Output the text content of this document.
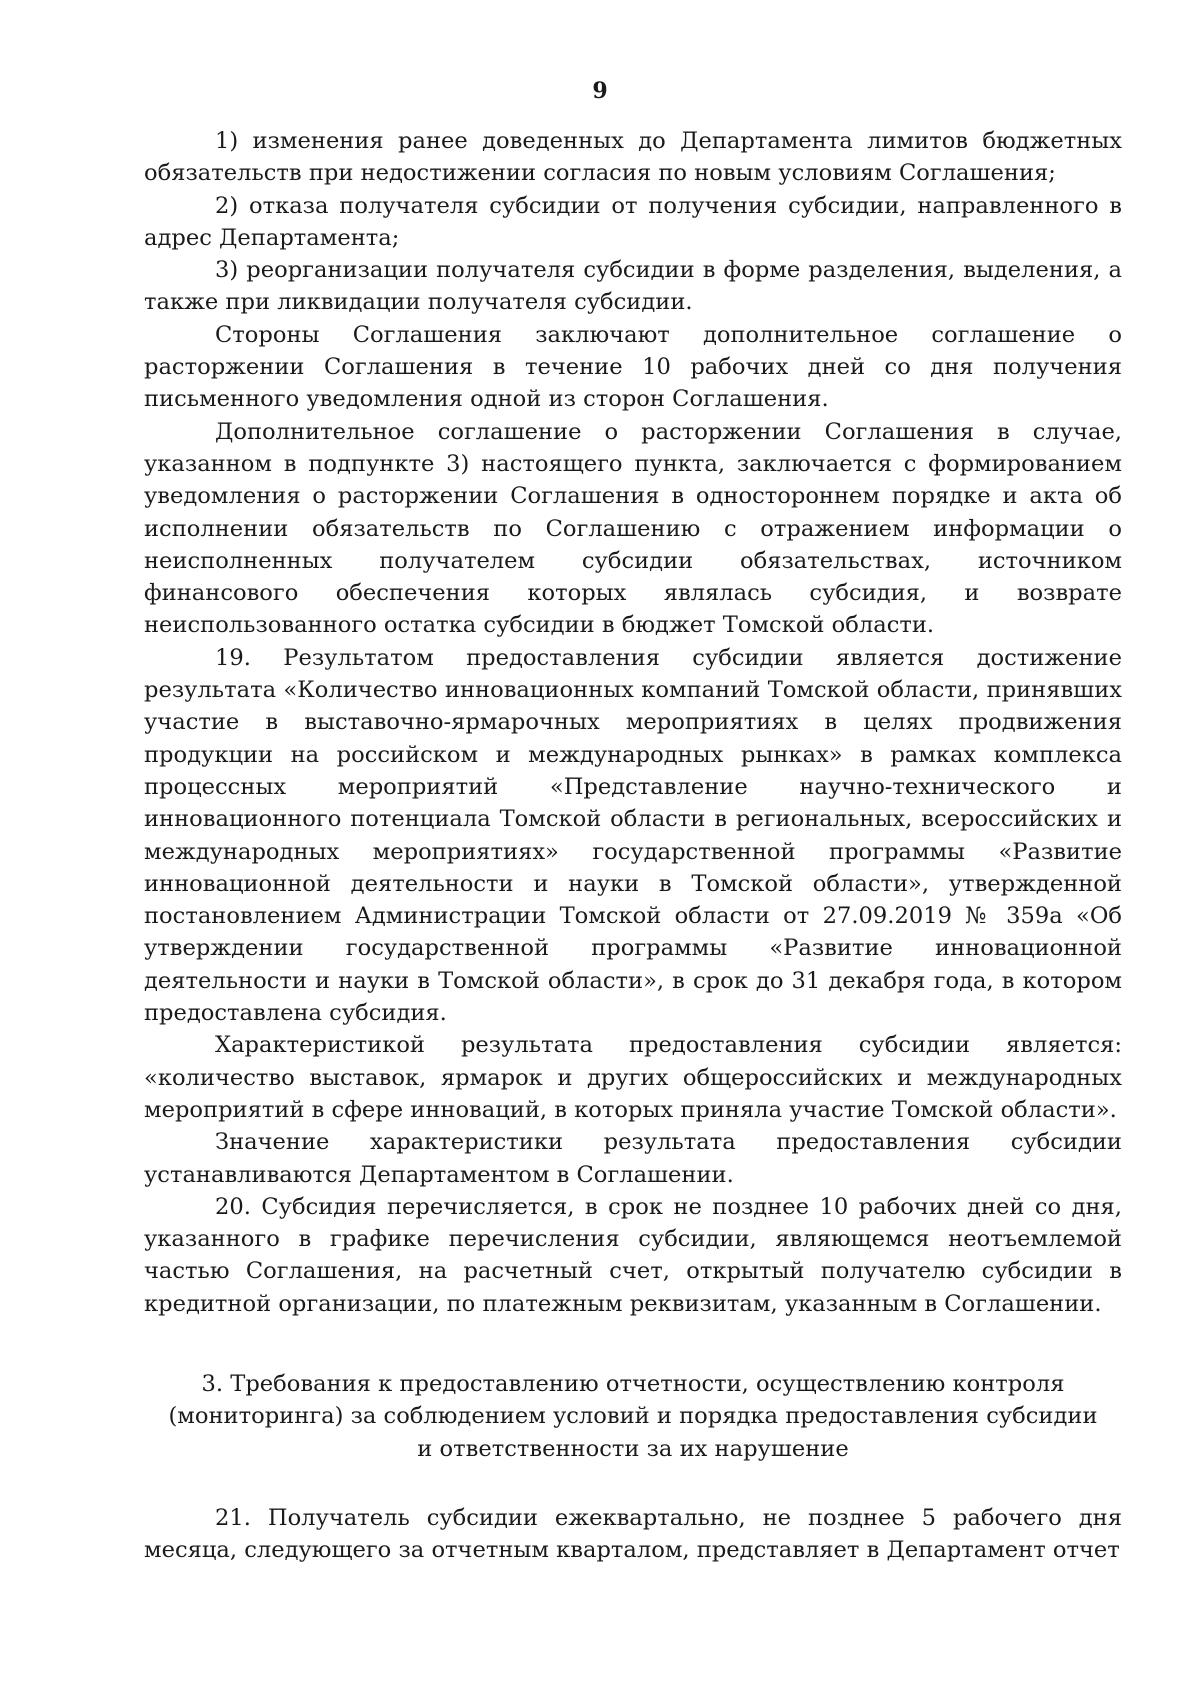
9

1) изменения ранее доведенных до Департамента лимитов бюджетных обязательств при недостижении согласия по новым условиям Соглашения;

2) отказа получателя субсидии от получения субсидии, направленного в адрес Департамента;

3) реорганизации получателя субсидии в форме разделения, выделения, а также при ликвидации получателя субсидии.

Стороны Соглашения заключают дополнительное соглашение о расторжении Соглашения в течение 10 рабочих дней со дня получения письменного уведомления одной из сторон Соглашения.

Дополнительное соглашение о расторжении Соглашения в случае, указанном в подпункте 3) настоящего пункта, заключается с формированием уведомления о расторжении Соглашения в одностороннем порядке и акта об исполнении обязательств по Соглашению с отражением информации о неисполненных получателем субсидии обязательствах, источником финансового обеспечения которых являлась субсидия, и возврате неиспользованного остатка субсидии в бюджет Томской области.

19. Результатом предоставления субсидии является достижение результата «Количество инновационных компаний Томской области, принявших участие в выставочно-ярмарочных мероприятиях в целях продвижения продукции на российском и международных рынках» в рамках комплекса процессных мероприятий «Представление научно-технического и инновационного потенциала Томской области в региональных, всероссийских и международных мероприятиях» государственной программы «Развитие инновационной деятельности и науки в Томской области», утвержденной постановлением Администрации Томской области от 27.09.2019 № 359а «Об утверждении государственной программы «Развитие инновационной деятельности и науки в Томской области», в срок до 31 декабря года, в котором предоставлена субсидия.

Характеристикой результата предоставления субсидии является: «количество выставок, ярмарок и других общероссийских и международных мероприятий в сфере инноваций, в которых приняла участие Томской области».

Значение характеристики результата предоставления субсидии устанавливаются Департаментом в Соглашении.

20. Субсидия перечисляется, в срок не позднее 10 рабочих дней со дня, указанного в графике перечисления субсидии, являющемся неотъемлемой частью Соглашения, на расчетный счет, открытый получателю субсидии в кредитной организации, по платежным реквизитам, указанным в Соглашении.

3. Требования к предоставлению отчетности, осуществлению контроля
(мониторинга) за соблюдением условий и порядка предоставления субсидии
и ответственности за их нарушение

21. Получатель субсидии ежеквартально, не позднее 5 рабочего дня месяца, следующего за отчетным кварталом, представляет в Департамент отчет
